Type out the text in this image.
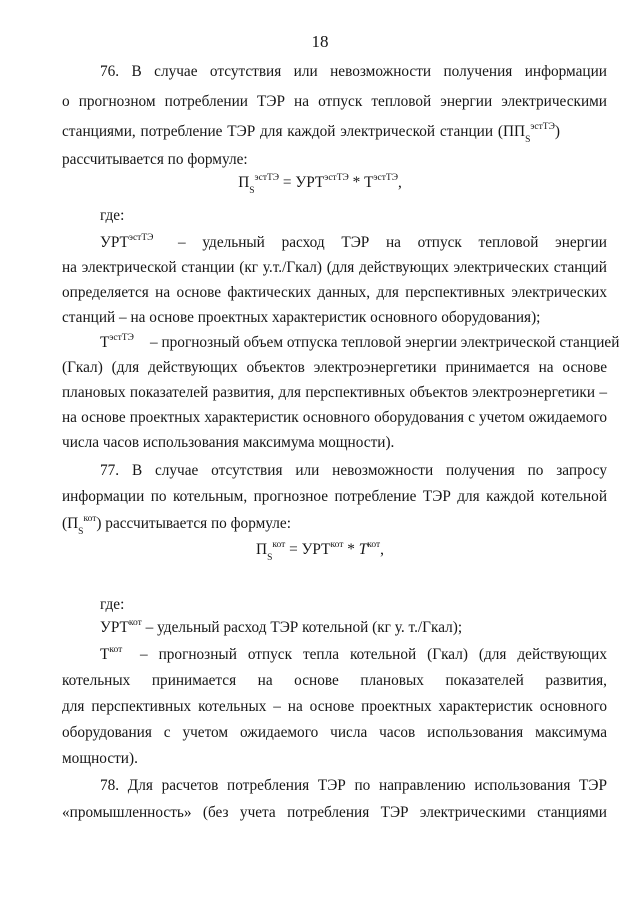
18
76. В случае отсутствия или невозможности получения информации
о прогнозном потреблении ТЭР на отпуск тепловой энергии электрическими
станциями, потребление ТЭР для каждой электрической станции $(ПП_S^{эстТЭ})$
рассчитывается по формуле:
$П_S^{эстТЭ} = УРТ^{эстТЭ} * Т^{эстТЭ}$,
где:
$УРТ^{эстТЭ}$ – удельный расход ТЭР на отпуск тепловой энергии
на электрической станции (кг у.т./Гкал) (для действующих электрических станций
определяется на основе фактических данных, для перспективных электрических
станций – на основе проектных характеристик основного оборудования);
$Т^{эстТЭ}$ – прогнозный объем отпуска тепловой энергии электрической станцией
(Гкал) (для действующих объектов электроэнергетики принимается на основе
плановых показателей развития, для перспективных объектов электроэнергетики –
на основе проектных характеристик основного оборудования с учетом ожидаемого
числа часов использования максимума мощности).
77. В случае отсутствия или невозможности получения по запросу
информации по котельным, прогнозное потребление ТЭР для каждой котельной
$(П_S^{кот})$ рассчитывается по формуле:
$П_S^{кот} = УРТ^{кот} * Т^{кот}$,
где:
$УРТ^{кот}$ – удельный расход ТЭР котельной (кг у. т./Гкал);
$Т^{кот}$ – прогнозный отпуск тепла котельной (Гкал) (для действующих
котельных принимается на основе плановых показателей развития,
для перспективных котельных – на основе проектных характеристик основного
оборудования с учетом ожидаемого числа часов использования максимума
мощности).
78. Для расчетов потребления ТЭР по направлению использования ТЭР
«промышленность» (без учета потребления ТЭР электрическими станциями
